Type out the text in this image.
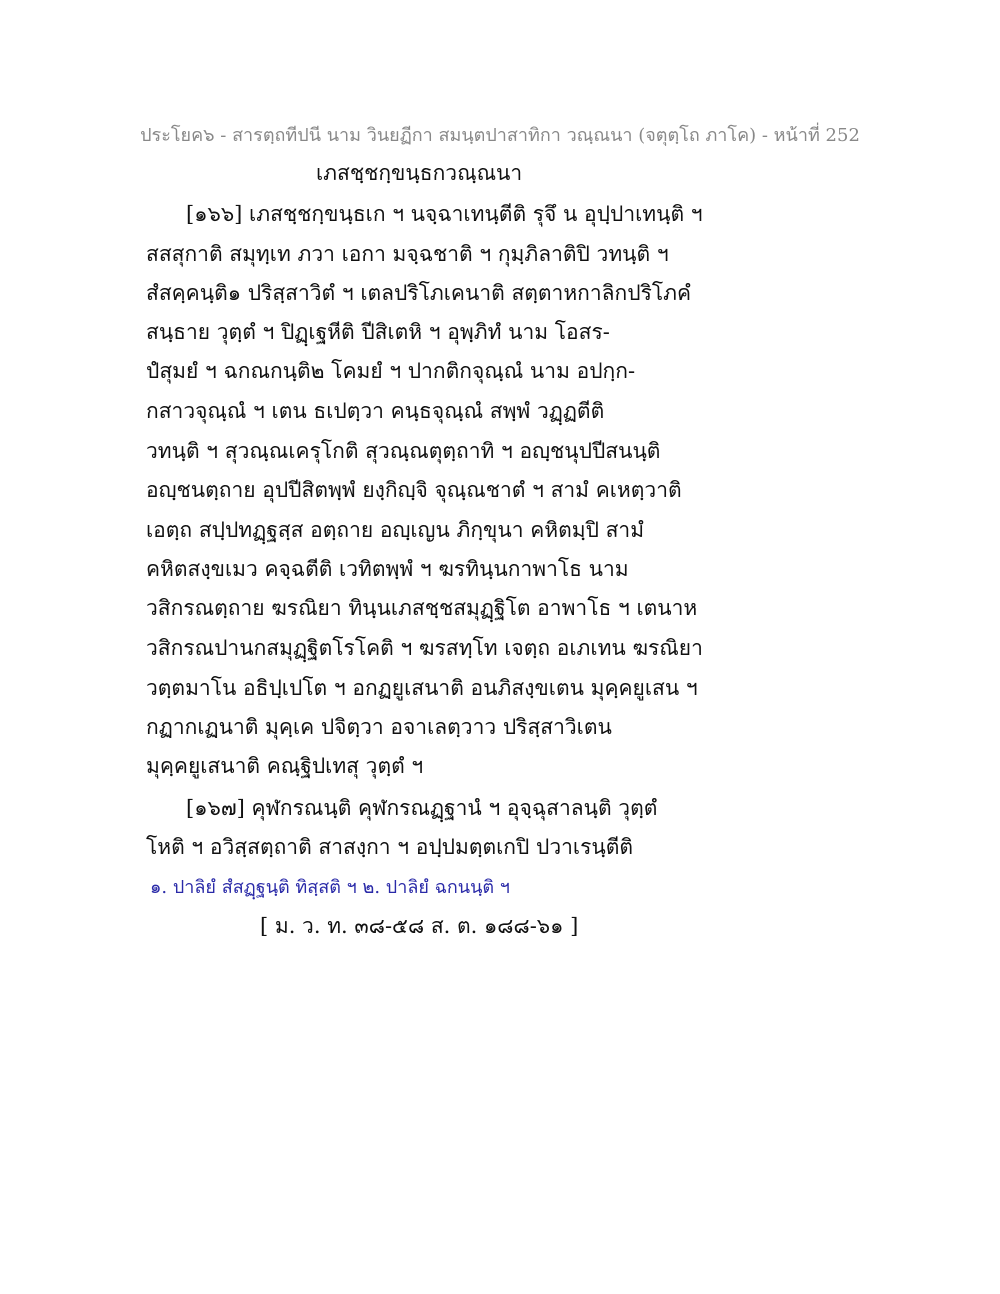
ประโยค๖ - สารตฺถทีปนี นาม วินยฏีกา สมนฺตปาสาทิกา วณฺณนา (จตุตฺโถ ภาโค) - หน้าที่ 252
เภสชฺชกฺขนฺธกวณฺณนา
[๑๖๖] เภสชฺชกฺขนฺธเก ฯ นจฺฉาเทนฺตีติ รุจึ น อุปฺปาเทนฺติ ฯ
สสสุกาติ สมุทฺเท ภวา เอกา มจฺฉชาติ ฯ กุมฺภิลาติปิ วทนฺติ ฯ
สํสคฺคนฺติ๑ ปริสฺสาวิตํ ฯ เตลปริโภเคนาติ สตฺตาหกาลิกปริโภคํ
สนฺธาย วุตฺตํ ฯ ปิฏฺเฐหีติ ปีสิเตหิ ฯ อุพฺภิทํ นาม โอสร-
ปํสุมยํ ฯ ฉกณกนฺติ๒ โคมยํ ฯ ปากติกจุณฺณํ นาม อปกฺก-
กสาวจุณฺณํ ฯ เตน ธเปตฺวา คนฺธจุณฺณํ สพฺพํ วฏฺฏตีติ
วทนฺติ ฯ สุวณฺณเครุโกติ สุวณฺณตุตฺถาทิ ฯ อญฺชนุปปีสนนฺติ
อญฺชนตฺถาย อุปปีสิตพฺพํ ยงฺกิญฺจิ จุณฺณชาตํ ฯ สามํ คเหตฺวาติ
เอตฺถ สปฺปทฏฺฐสฺส อตฺถาย อญฺเญน ภิกฺขุนา คหิตมฺปิ สามํ
คหิตสงฺขเมว คจฺฉตีติ เวทิตพฺพํ ฯ ฆรทินฺนกาพาโธ นาม
วสิกรณตฺถาย ฆรณิยา ทินฺนเภสชฺชสมุฏฺฐิโต อาพาโธ ฯ เตนาห
วสิกรณปานกสมุฏฺฐิตโรโคติ ฯ ฆรสทฺโท เจตฺถ อเภเทน ฆรณิยา
วตฺตมาโน อธิปฺเปโต ฯ อกฏยูเสนาติ อนภิสงฺขเตน มุคฺคยูเสน ฯ
กฏากเฏนาติ มุคฺเค ปจิตฺวา อจาเลตฺวาว ปริสฺสาวิเตน
มุคฺคยูเสนาติ คณฺฐิปเทสุ วุตฺตํ ฯ
[๑๖๗] คุฬกรณนฺติ คุฬกรณฏฺฐานํ ฯ อุจฺฉุสาลนฺติ วุตฺตํ
โหติ ฯ อวิสฺสตฺถาติ สาสงฺกา ฯ อปฺปมตฺตเกปิ ปวาเรนฺตีติ
๑. ปาลิยํ สํสฏฺฐนฺติ ทิสฺสติ ฯ ๒. ปาลิยํ ฉกนนฺติ ฯ
[ ม. ว. ท. ๓๘-๕๘ ส. ต. ๑๘๘-๖๑ ]
